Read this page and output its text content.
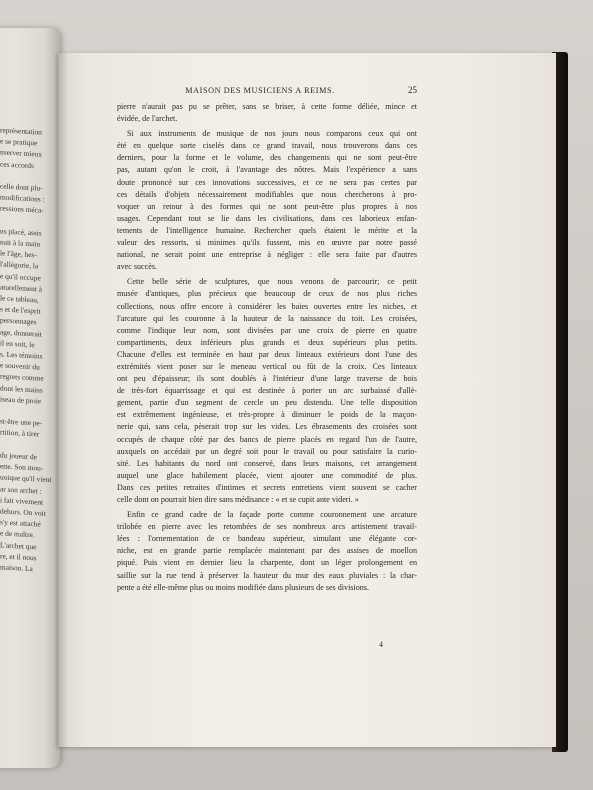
représentation
e se pratique
nserver mieux
ces accords

celle dont plu-
modifications :
ressions méca-

ns placé, assis
nait à la main
le l'âge, hes-
l'allégorie, la
e qu'il occupe
aturellement à
le ce tableau,
s et de l'esprit
personnages
age, donnerait
il en soit, le
s. Les témoins
e souvenir du
regrets comme
dont les mains
iseau de proie

st-être une pe-
rtition, à tirer

du joueur de
ette. Son mou-
uoique qu'il vient
ar son archet :
i fait vivement
dehors. On voit
s'y est attaché
e de maître.
L'archet que
re, et il nous
maison. La
MAISON DES MUSICIENS A REIMS.	25
pierre n'aurait pas pu se prêter, sans se briser, à cette forme déliée, mince et
évidée, de l'archet.
Si aux instruments de musique de nos jours nous comparons ceux qui ont
été en quelque sorte ciselés dans ce grand travail, nous trouverons dans ces
derniers, pour la forme et le volume, des changements qui ne sont peut-être
pas, autant qu'on le croit, à l'avantage des nôtres. Mais l'expérience a sans
doute prononcé sur ces innovations successives, et ce ne sera pas certes par
ces détails d'objets nécessairement modifiables que nous chercherons à pro-
voquer un retour à des formes qui ne sont peut-être plus propres à nos
usages. Cependant tout se lie dans les civilisations, dans ces laborieux enfan-
tements de l'intelligence humaine. Rechercher quels étaient le mérite et la
valeur des ressorts, si minimes qu'ils fussent, mis en œuvre par notre passé
national, ne serait point une entreprise à négliger : elle sera faite par d'autres
avec succès.
Cette belle série de sculptures, que nous venons de parcourir; ce petit
musée d'antiques, plus précieux que beaucoup de ceux de nos plus riches
collections, nous offre encore à considérer les baies ouvertes entre les niches, et
l'arcature qui les couronne à la hauteur de la naissance du toit. Les croisées,
comme l'indique leur nom, sont divisées par une croix de pierre en quatre
compartiments, deux inférieurs plus grands et deux supérieurs plus petits.
Chacune d'elles est terminée en haut par deux linteaux extérieurs dont l'une des
extrémités vient poser sur le meneau vertical ou fût de la croix. Ces linteaux
ont peu d'épaisseur; ils sont doublés à l'intérieur d'une large traverse de bois
de très-fort équarrissage et qui est destinée à porter un arc surbaissé d'allè-
gement, partie d'un segment de cercle un peu distendu. Une telle disposition
est extrêmement ingénieuse, et très-propre à diminuer le poids de la maçon-
nerie qui, sans cela, pèserait trop sur les vides. Les ébrasements des croisées sont
occupés de chaque côté par des bancs de pierre placés en regard l'un de l'autre,
auxquels on accédait par un degré soit pour le travail ou pour satisfaire la curio-
sité. Les habitants du nord ont conservé, dans leurs maisons, cet arrangement
auquel une glace habilement placée, vient ajouter une commodité de plus.
Dans ces petites retraites d'intimes et secrets entretiens vient souvent se cacher
celle dont on pourrait bien dire sans médisance : « et se cupit ante videri. »
Enfin ce grand cadre de la façade porte comme couronnement une arcature
trilobée en pierre avec les retombées de ses nombreux arcs artistement travail-
lées : l'ornementation de ce bandeau supérieur, simulant une élégante cor-
niche, est en grande partie remplacée maintenant par des assises de moellon
piqué. Puis vient en dernier lieu la charpente, dont un léger prolongement en
saillie sur la rue tend à préserver la hauteur du mur des eaux pluviales : la char-
pente a été elle-même plus ou moins modifiée dans plusieurs de ses divisions.
4
